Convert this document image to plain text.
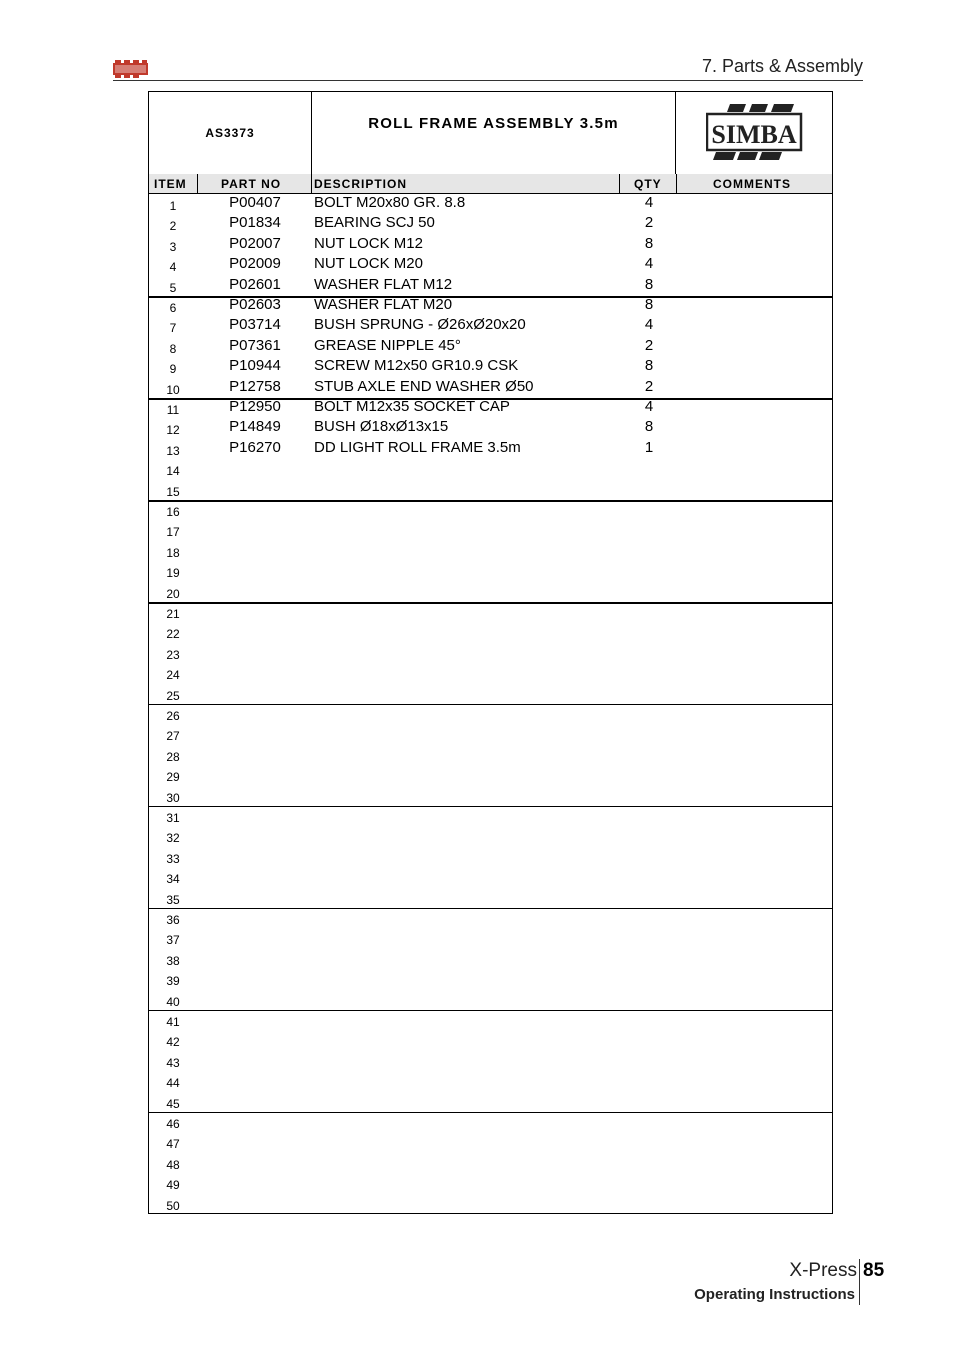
7. Parts & Assembly
AS3373
ROLL FRAME ASSEMBLY 3.5m	SIMBA
ITEM	PART NO	DESCRIPTION	QTY	COMMENTS
1	P00407	BOLT M20x80 GR. 8.8	4
2	P01834	BEARING SCJ 50	2
3	P02007	NUT LOCK M12	8
4	P02009	NUT LOCK M20	4
5	P02601	WASHER FLAT M12	8
6	P02603	WASHER FLAT M20	8
7	P03714	BUSH SPRUNG - Ø26xØ20x20	4
8	P07361	GREASE NIPPLE 45°	2
9	P10944	SCREW M12x50 GR10.9 CSK	8
10	P12758	STUB AXLE END WASHER Ø50	2
11	P12950	BOLT M12x35 SOCKET CAP	4
12	P14849	BUSH Ø18xØ13x15	8
13	P16270	DD LIGHT ROLL FRAME 3.5m	1
14
15
16
17
18
19
20
21
22
23
24
25
26
27
28
29
30
31
32
33
34
35
36
37
38
39
40
41
42
43
44
45
46
47
48
49
50
X-Press 85
Operating Instructions
